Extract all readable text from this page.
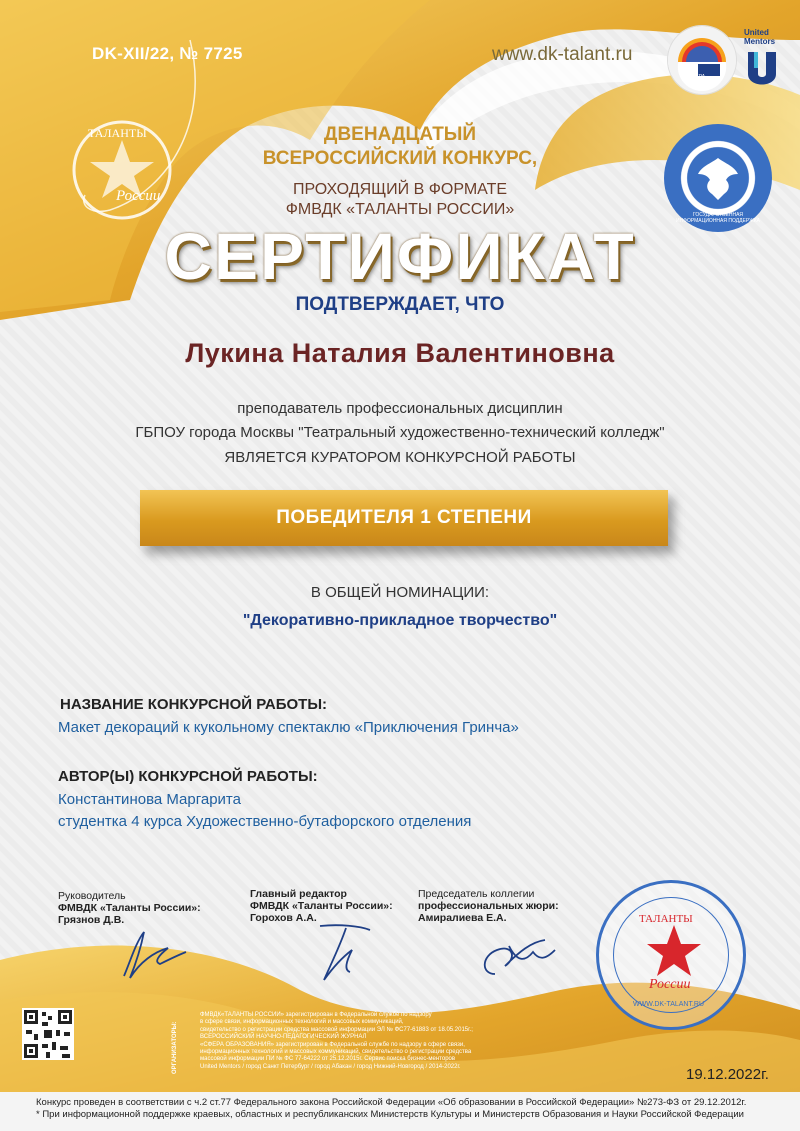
DK-XII/22, № 7725	www.dk-talant.ru
СФЕРА образования
United
Mentors
ТАЛАНТЫ
России
ГОСУДАРСТВЕННАЯ ИНФОРМАЦИОННАЯ ПОДДЕРЖКА
ДВЕНАДЦАТЫЙ
ВСЕРОССИЙСКИЙ КОНКУРС,
ПРОХОДЯЩИЙ В ФОРМАТЕ
ФМВДК «ТАЛАНТЫ РОССИИ»
СЕРТИФИКАТ
ПОДТВЕРЖДАЕТ, ЧТО
Лукина Наталия Валентиновна
преподаватель профессиональных дисциплин
ГБПОУ города Москвы "Театральный художественно-технический колледж"
ЯВЛЯЕТСЯ КУРАТОРОМ КОНКУРСНОЙ РАБОТЫ
ПОБЕДИТЕЛЯ 1 СТЕПЕНИ
В ОБЩЕЙ НОМИНАЦИИ:
"Декоративно-прикладное творчество"
НАЗВАНИЕ КОНКУРСНОЙ РАБОТЫ:
Макет декораций к кукольному спектаклю «Приключения Гринча»
АВТОР(Ы) КОНКУРСНОЙ РАБОТЫ:
Константинова Маргарита
студентка 4 курса Художественно-бутафорского отделения
Руководитель
ФМВДК «Таланты России»:
Грязнов Д.В.
Главный редактор
ФМВДК «Таланты России»:
Горохов А.А.
Председатель коллегии
профессиональных жюри:
Амиралиева Е.А.	ТАЛАНТЫ
России
WWW.DK-TALANT.RU
ОРГАНИЗАТОРЫ:
ФМВДК«ТАЛАНТЫ РОССИИ» зарегистрирован в Федеральной службе по надзору
в сфере связи, информационных технологий и массовых коммуникаций,
свидетельство о регистрации средства массовой информации ЭЛ № ФС77-61883 от 18.05.2015г.;
ВСЕРОССИЙСКИЙ НАУЧНО-ПЕДАГОГИЧЕСКИЙ ЖУРНАЛ
«СФЕРА ОБРАЗОВАНИЯ» зарегистрирован в Федеральной службе по надзору в сфере связи,
информационных технологий и массовых коммуникаций, свидетельство о регистрации средства
массовой информации ПИ № ФС 77-64222 от 25.12.2015г. Сервис поиска бизнес-менторов
United Mentors / город Санкт Петербург / город Абакан / город Нижний-Новгород / 2014-2022г.	19.12.2022г.
Конкурс проведен в соответствии с ч.2 ст.77 Федерального закона Российской Федерации «Об образовании в Российской Федерации» №273-ФЗ от 29.12.2012г.
* При информационной поддержке краевых, областных и республиканских Министерств Культуры и Министерств Образования и Науки Российской Федерации
